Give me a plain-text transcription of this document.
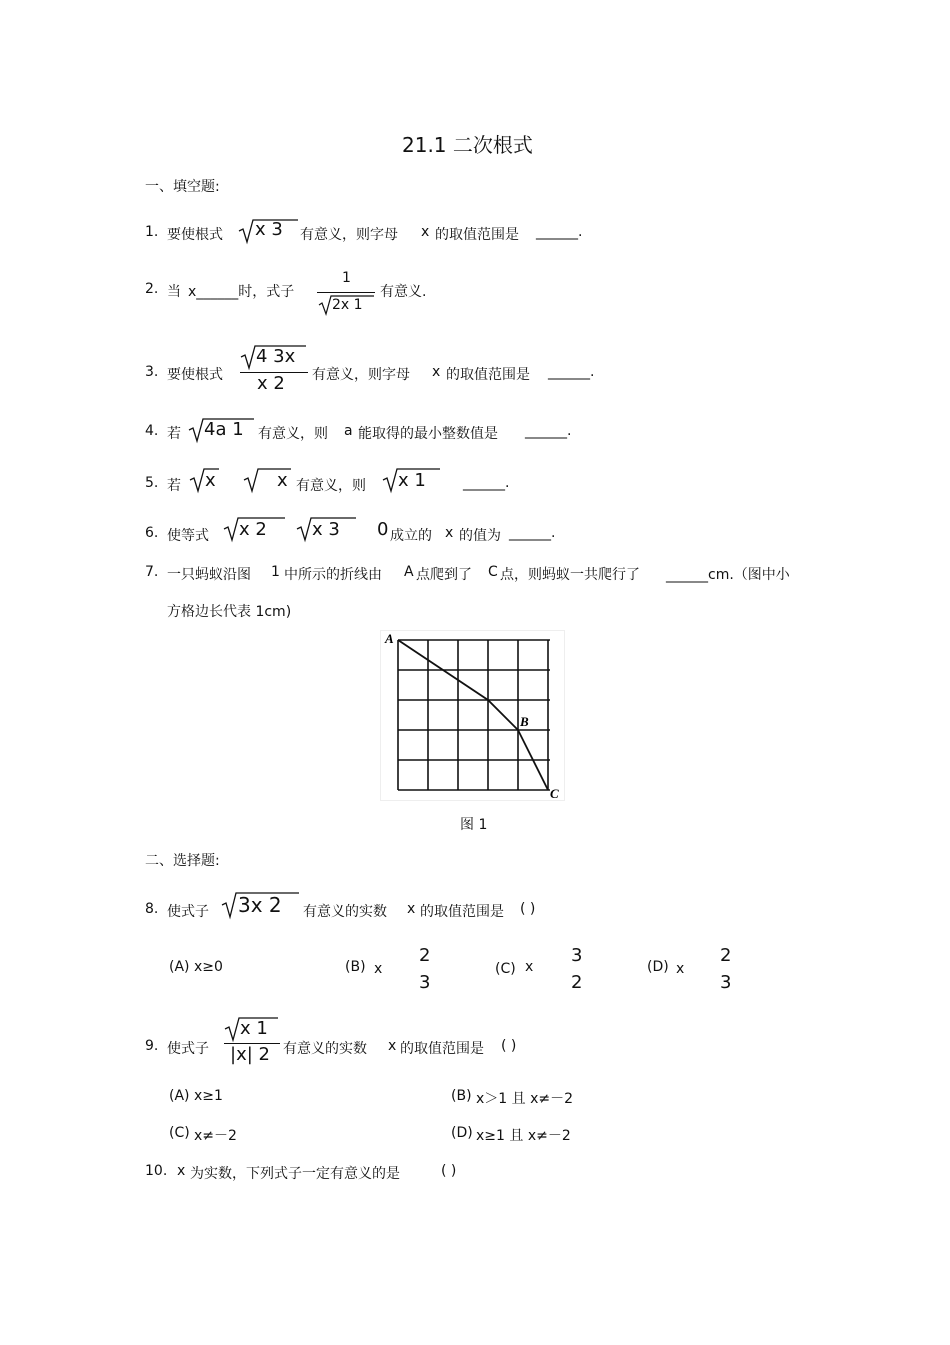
21.1 二次根式
一、填空题:
1. 要使根式 x 3 有意义，则字母 x 的取值范围是 ______.
2. 当 x______时，式子
1
2x 1
有意义.
3. 要使根式
4 3x
x 2 有意义，则字母 x 的取值范围是 ______.
4. 若 4a 1 有意义，则 a 能取得的最小整数值是 ______.
5. 若 x	x 有意义，则 x 1	______.
6. 使等式 x 2	x 3 0 成立的 x 的值为 ______.
7. 一只蚂蚁沿图 1 中所示的折线由 A 点爬到了 C 点，则蚂蚁一共爬行了 ______cm.（图中小
方格边长代表 1cm)
A
B
C
图 1
二、选择题:
8. 使式子 3x 2 有意义的实数 x 的取值范围是 ( )
(A) x≥0	(B) x
2
3
(C) x
3
2
(D) x
2
3
9. 使式子
x 1
|x| 2 有意义的实数 x 的取值范围是 ( )
(A) x≥1	(B) x＞1 且 x≠－2
(C) x≠－2	(D) x≥1 且 x≠－2
10. x 为实数，下列式子一定有意义的是	( )
